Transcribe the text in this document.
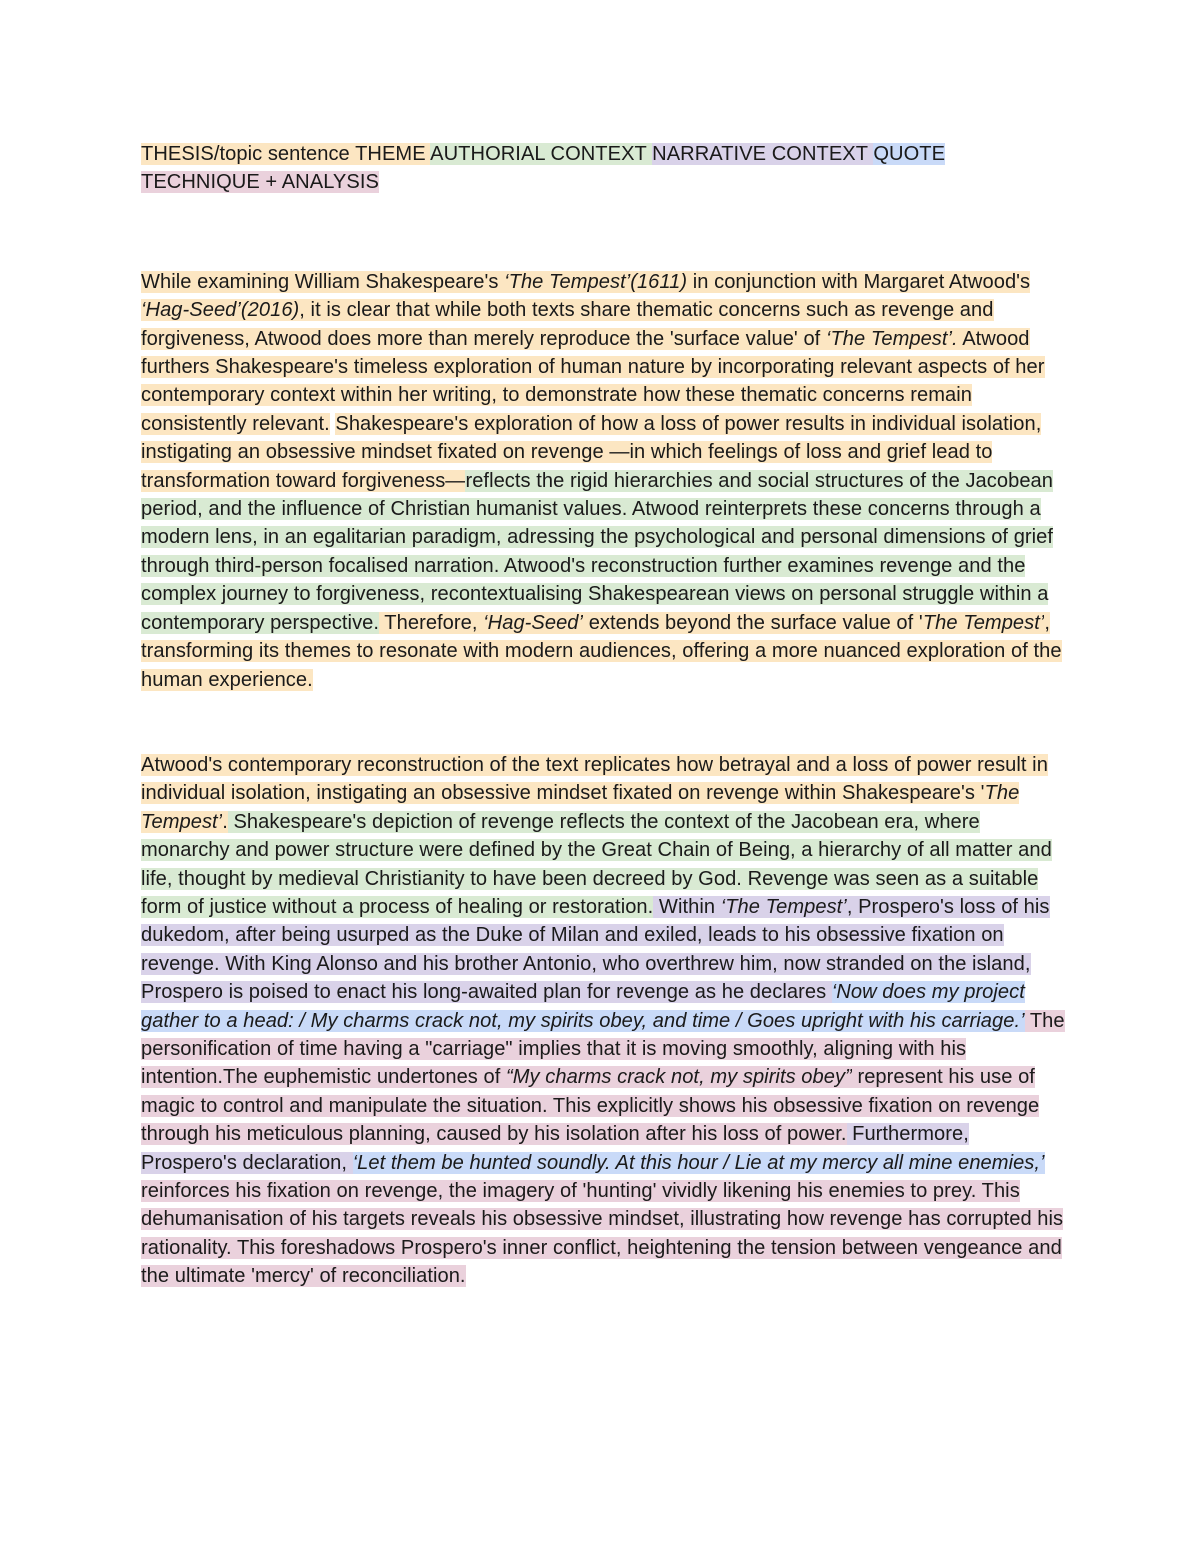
THESIS/topic sentence THEME AUTHORIAL CONTEXT NARRATIVE CONTEXT QUOTE TECHNIQUE + ANALYSIS
While examining William Shakespeare's ‘The Tempest’(1611) in conjunction with Margaret Atwood's ‘Hag-Seed’(2016), it is clear that while both texts share thematic concerns such as revenge and forgiveness, Atwood does more than merely reproduce the 'surface value' of ‘The Tempest’. Atwood furthers Shakespeare's timeless exploration of human nature by incorporating relevant aspects of her contemporary context within her writing, to demonstrate how these thematic concerns remain consistently relevant. Shakespeare's exploration of how a loss of power results in individual isolation, instigating an obsessive mindset fixated on revenge —in which feelings of loss and grief lead to transformation toward forgiveness—reflects the rigid hierarchies and social structures of the Jacobean period, and the influence of Christian humanist values. Atwood reinterprets these concerns through a modern lens, in an egalitarian paradigm, adressing the psychological and personal dimensions of grief through third-person focalised narration. Atwood's reconstruction further examines revenge and the complex journey to forgiveness, recontextualising Shakespearean views on personal struggle within a contemporary perspective. Therefore, ‘Hag-Seed’ extends beyond the surface value of 'The Tempest’, transforming its themes to resonate with modern audiences, offering a more nuanced exploration of the human experience.
Atwood's contemporary reconstruction of the text replicates how betrayal and a loss of power result in individual isolation, instigating an obsessive mindset fixated on revenge within Shakespeare's 'The Tempest’. Shakespeare's depiction of revenge reflects the context of the Jacobean era, where monarchy and power structure were defined by the Great Chain of Being, a hierarchy of all matter and life, thought by medieval Christianity to have been decreed by God. Revenge was seen as a suitable form of justice without a process of healing or restoration. Within ‘The Tempest’, Prospero's loss of his dukedom, after being usurped as the Duke of Milan and exiled, leads to his obsessive fixation on revenge. With King Alonso and his brother Antonio, who overthrew him, now stranded on the island, Prospero is poised to enact his long-awaited plan for revenge as he declares ‘Now does my project gather to a head: / My charms crack not, my spirits obey, and time / Goes upright with his carriage.’ The personification of time having a "carriage" implies that it is moving smoothly, aligning with his intention.The euphemistic undertones of “My charms crack not, my spirits obey” represent his use of magic to control and manipulate the situation. This explicitly shows his obsessive fixation on revenge through his meticulous planning, caused by his isolation after his loss of power. Furthermore, Prospero's declaration, ‘Let them be hunted soundly. At this hour / Lie at my mercy all mine enemies,’ reinforces his fixation on revenge, the imagery of 'hunting' vividly likening his enemies to prey. This dehumanisation of his targets reveals his obsessive mindset, illustrating how revenge has corrupted his rationality. This foreshadows Prospero's inner conflict, heightening the tension between vengeance and the ultimate 'mercy' of reconciliation.
